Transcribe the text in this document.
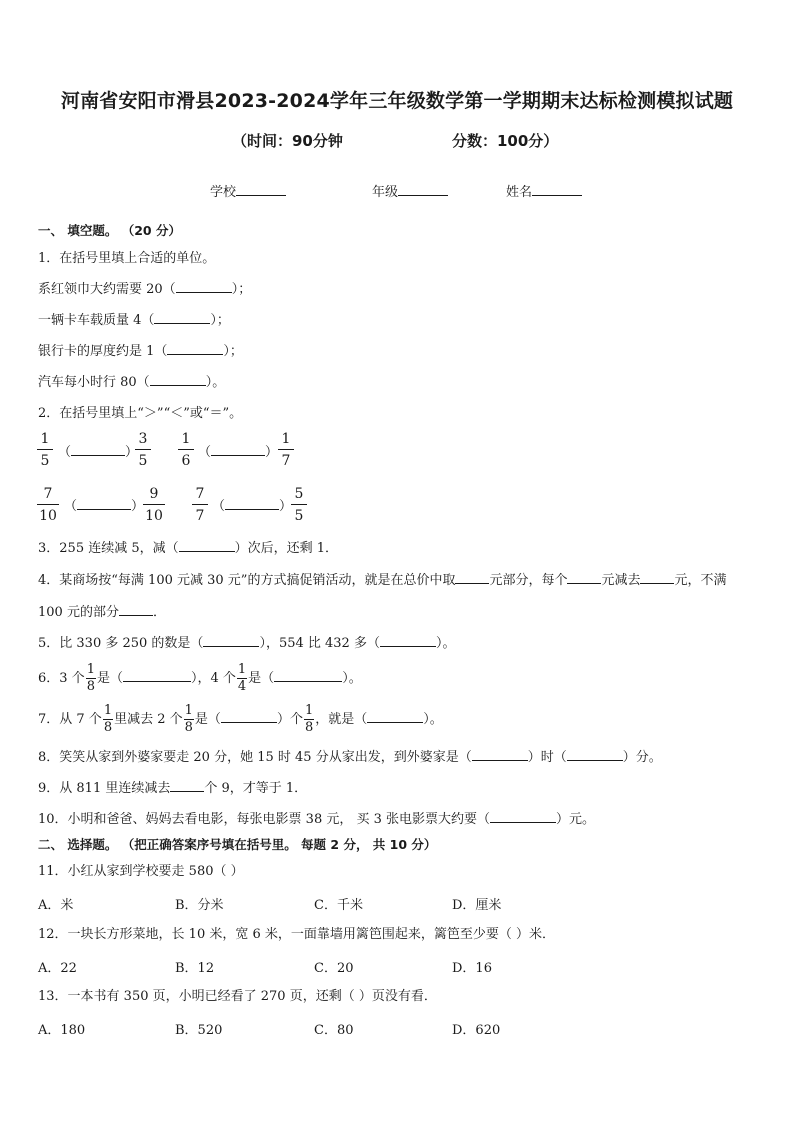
河南省安阳市滑县2023-2024学年三年级数学第一学期期末达标检测模拟试题
（时间：90分钟	分数：100分）
学校	年级	姓名
一、 填空题。 （20 分）
1．在括号里填上合适的单位。
系红领巾大约需要 20（	）；
一辆卡车载质量 4（	）；
银行卡的厚度约是 1（	）；
汽车每小时行 80（	）。
2．在括号里填上“＞”“＜”或“＝”。
$\frac{1}{5}$ （	）
$\frac{3}{5} \frac{1}{6}$ （	） $\frac{1}{7}$
$\frac{7}{10}$ （	）
$\frac{9}{10} \frac{7}{7}$ （	）
$\frac{5}{5}$
3．255 连续减 5，减（	）次后，还剩 1．
4．某商场按“每满 100 元减 30 元”的方式搞促销活动，就是在总价中取	元部分，每个	元减去	元，不满
100 元的部分	．
5．比 330 多 250 的数是（	），554 比 432 多（	）。
6．3 个 $\frac{1}{8}$ 是（	），4 个 $\frac{1}{4}$ 是（	）。
7．从 7 个 $\frac{1}{8}$ 里减去 2 个 $\frac{1}{8}$ 是（	）个 $\frac{1}{8}$ ，就是（	）。
8．笑笑从家到外婆家要走 20 分，她 15 时 45 分从家出发，到外婆家是（	）时（	）分。
9．从 811 里连续减去	个 9，才等于 1．
10．小明和爸爸、妈妈去看电影，每张电影票 38 元， 买 3 张电影票大约要（	）元。
二、 选择题。 （把正确答案序号填在括号里。 每题 2 分， 共 10 分）
11．小红从家到学校要走 580（ ）
A．米	B．分米	C．千米	D．厘米
12．一块长方形菜地，长 10 米，宽 6 米，一面靠墙用篱笆围起来，篱笆至少要（ ）米．
A．22	B．12	C．20	D．16
13．一本书有 350 页，小明已经看了 270 页，还剩（ ）页没有看．
A．180	B．520	C．80	D．620
